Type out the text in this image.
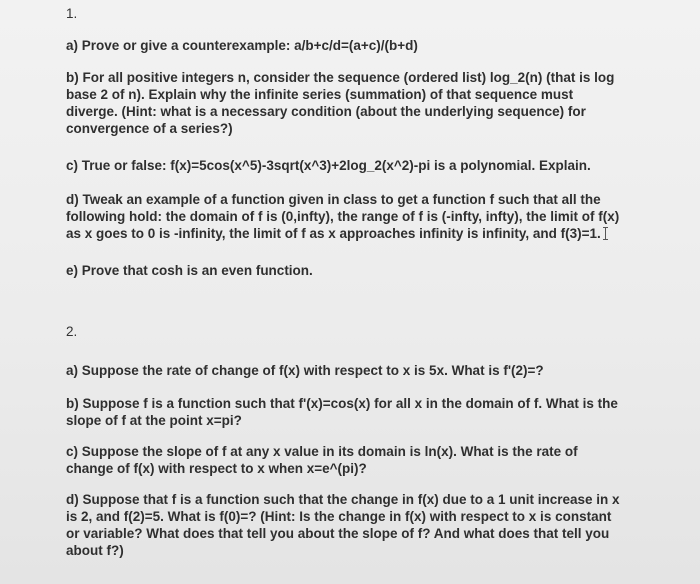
1.
a) Prove or give a counterexample: a/b+c/d=(a+c)/(b+d)
b) For all positive integers n, consider the sequence (ordered list) log_2(n) (that is log
base 2 of n). Explain why the infinite series (summation) of that sequence must
diverge. (Hint: what is a necessary condition (about the underlying sequence) for
convergence of a series?)
c) True or false: f(x)=5cos(x^5)-3sqrt(x^3)+2log_2(x^2)-pi is a polynomial. Explain.
d) Tweak an example of a function given in class to get a function f such that all the
following hold: the domain of f is (0,infty), the range of f is (-infty, infty), the limit of f(x)
as x goes to 0 is -infinity, the limit of f as x approaches infinity is infinity, and f(3)=1.
e) Prove that cosh is an even function.
2.
a) Suppose the rate of change of f(x) with respect to x is 5x. What is f'(2)=?
b) Suppose f is a function such that f'(x)=cos(x) for all x in the domain of f. What is the
slope of f at the point x=pi?
c) Suppose the slope of f at any x value in its domain is ln(x). What is the rate of
change of f(x) with respect to x when x=e^(pi)?
d) Suppose that f is a function such that the change in f(x) due to a 1 unit increase in x
is 2, and f(2)=5. What is f(0)=? (Hint: Is the change in f(x) with respect to x is constant
or variable? What does that tell you about the slope of f? And what does that tell you
about f?)
